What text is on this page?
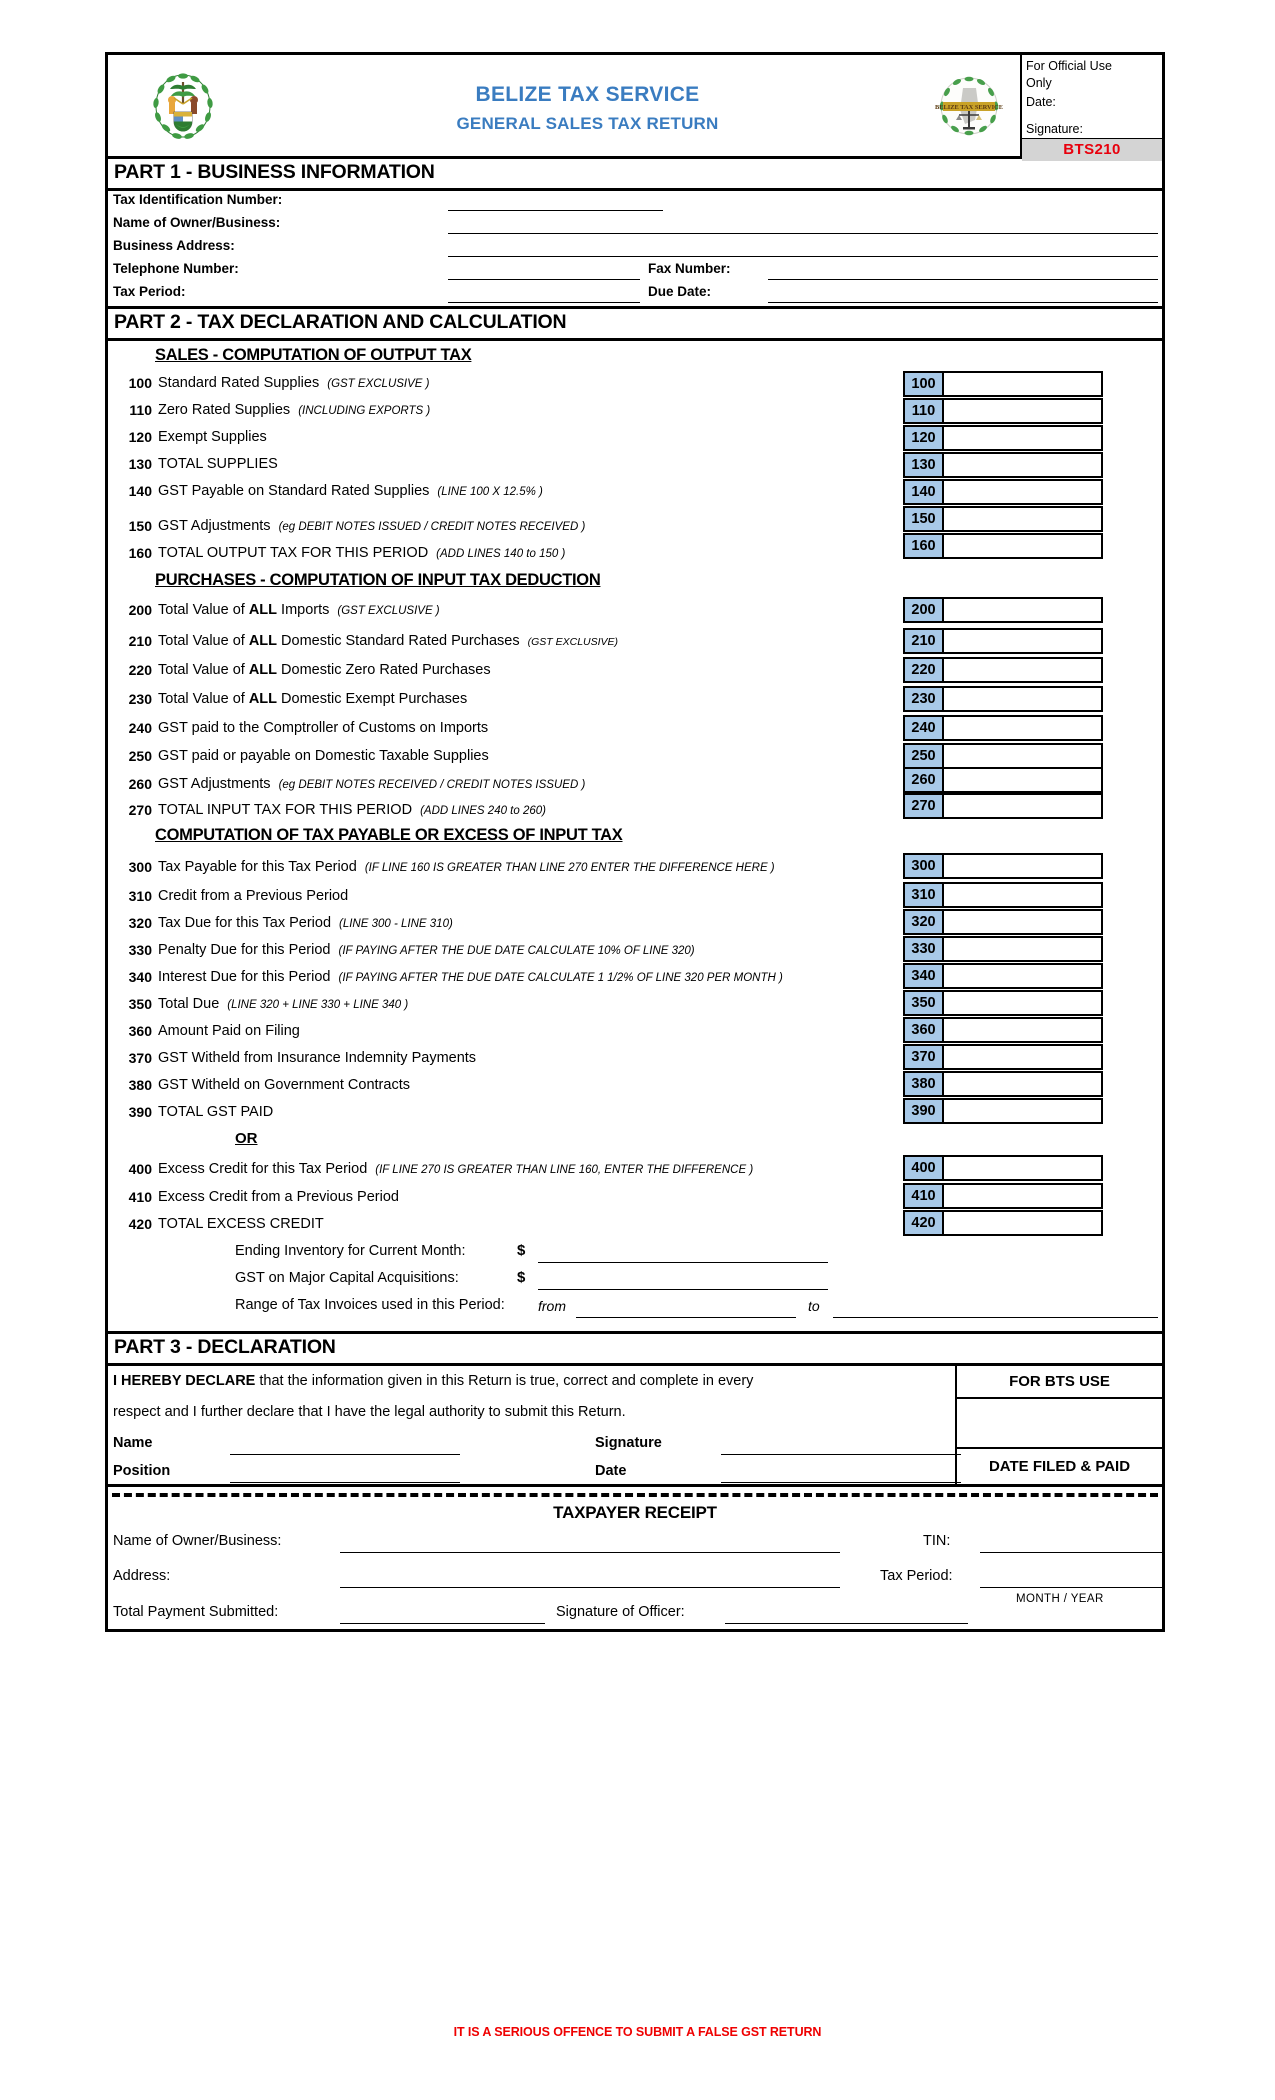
BELIZE TAX SERVICE
GENERAL SALES TAX RETURN
BELIZE TAX SERVICE
For Official Use
Only
Date:
Signature:
BTS210
PART 1 - BUSINESS INFORMATION
Tax Identification Number:
Name of Owner/Business:
Business Address:
Telephone Number:	Fax Number:
Tax Period:	Due Date:
PART 2 - TAX DECLARATION AND CALCULATION
SALES - COMPUTATION OF OUTPUT TAX
100 Standard Rated Supplies (GST EXCLUSIVE )	100
110 Zero Rated Supplies (INCLUDING EXPORTS )	110
120 Exempt Supplies	120
130 TOTAL SUPPLIES	130
140 GST Payable on Standard Rated Supplies (LINE 100 X 12.5% )	140
150 GST Adjustments (eg DEBIT NOTES ISSUED / CREDIT NOTES RECEIVED )	150
160 TOTAL OUTPUT TAX FOR THIS PERIOD (ADD LINES 140 to 150 )	160
PURCHASES - COMPUTATION OF INPUT TAX DEDUCTION
200 Total Value of ALL Imports (GST EXCLUSIVE )	200
210 Total Value of ALL Domestic Standard Rated Purchases (GST EXCLUSIVE)	210
220 Total Value of ALL Domestic Zero Rated Purchases	220
230 Total Value of ALL Domestic Exempt Purchases	230
240 GST paid to the Comptroller of Customs on Imports	240
250 GST paid or payable on Domestic Taxable Supplies	250
260 GST Adjustments (eg DEBIT NOTES RECEIVED / CREDIT NOTES ISSUED )	260
270 TOTAL INPUT TAX FOR THIS PERIOD (ADD LINES 240 to 260)	270
COMPUTATION OF TAX PAYABLE OR EXCESS OF INPUT TAX
300 Tax Payable for this Tax Period (IF LINE 160 IS GREATER THAN LINE 270 ENTER THE DIFFERENCE HERE )	300
310 Credit from a Previous Period	310
320 Tax Due for this Tax Period (LINE 300 - LINE 310)	320
330 Penalty Due for this Period (IF PAYING AFTER THE DUE DATE CALCULATE 10% OF LINE 320)	330
340 Interest Due for this Period (IF PAYING AFTER THE DUE DATE CALCULATE 1 1/2% OF LINE 320 PER MONTH )	340
350 Total Due (LINE 320 + LINE 330 + LINE 340 )	350
360 Amount Paid on Filing	360
370 GST Witheld from Insurance Indemnity Payments	370
380 GST Witheld on Government Contracts	380
390 TOTAL GST PAID	390
OR
400 Excess Credit for this Tax Period (IF LINE 270 IS GREATER THAN LINE 160, ENTER THE DIFFERENCE )	400
410 Excess Credit from a Previous Period	410
420 TOTAL EXCESS CREDIT	420
Ending Inventory for Current Month:	$
GST on Major Capital Acquisitions:	$
Range of Tax Invoices used in this Period: from	to
PART 3 - DECLARATION
I HEREBY DECLARE that the information given in this Return is true, correct and complete in every
respect and I further declare that I have the legal authority to submit this Return.
Name	Signature
Position	Date
FOR BTS USE
DATE FILED & PAID
TAXPAYER RECEIPT
Name of Owner/Business:	TIN:
Address:	Tax Period:
MONTH / YEAR
Total Payment Submitted:	Signature of Officer:
IT IS A SERIOUS OFFENCE TO SUBMIT A FALSE GST RETURN
